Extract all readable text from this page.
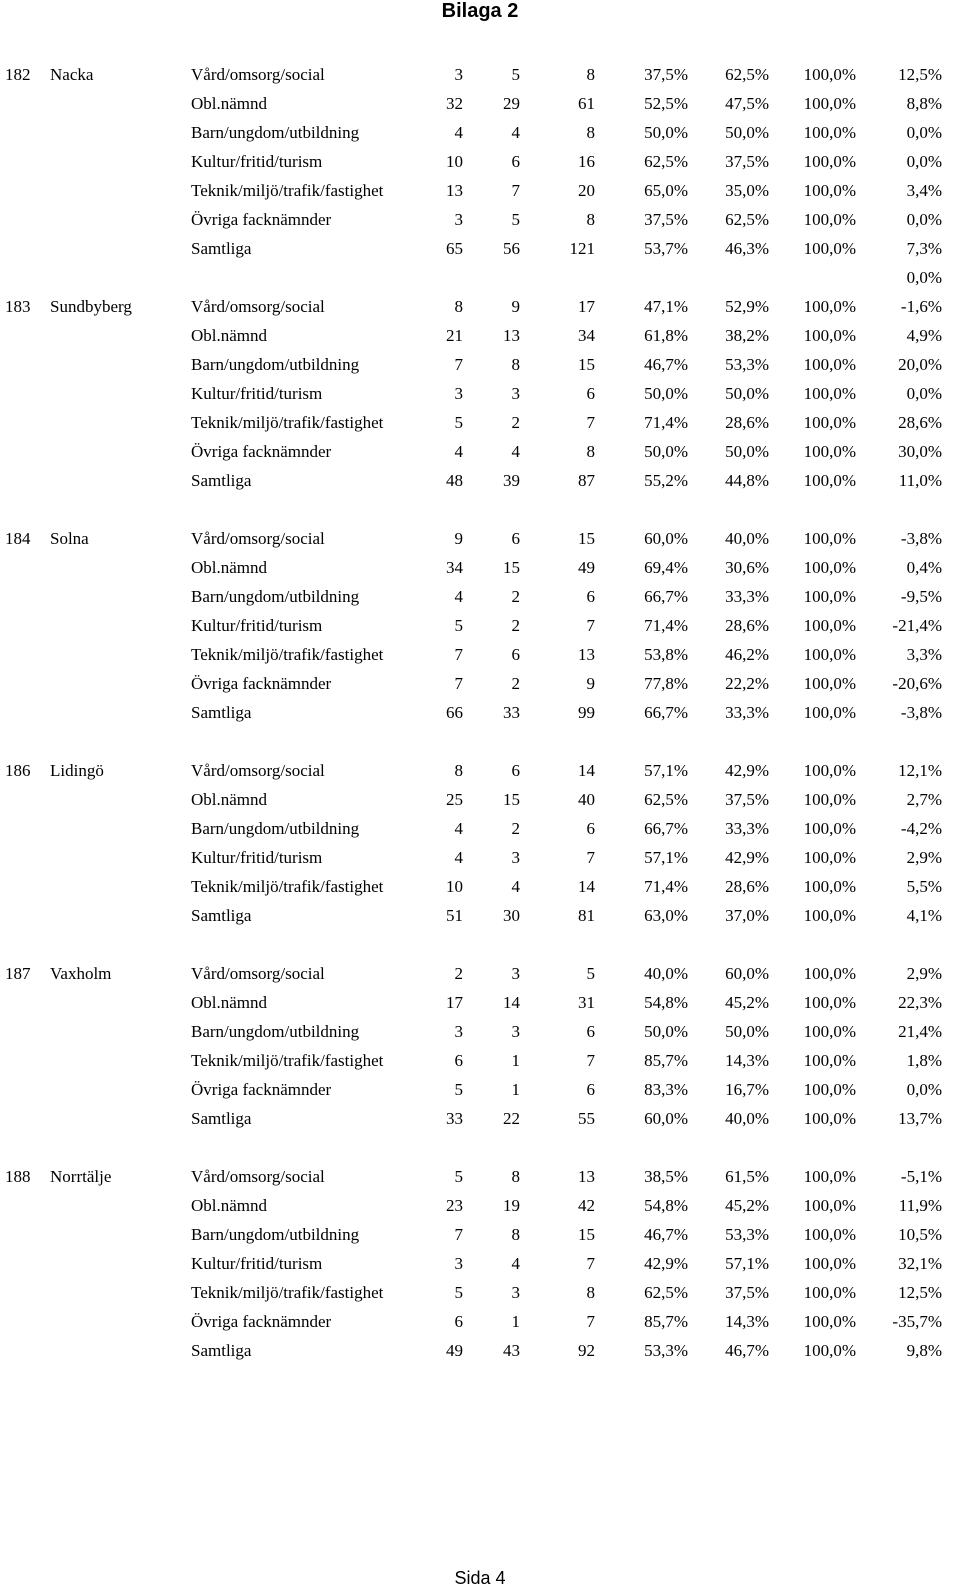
Bilaga 2
182 Nacka	Vård/omsorg/social	3	5	8	37,5% 62,5% 100,0% 12,5%
Obl.nämnd	32 29	61	52,5% 47,5% 100,0%	8,8%
Barn/ungdom/utbildning	4	4	8	50,0% 50,0% 100,0%	0,0%
Kultur/fritid/turism	10	6	16	62,5% 37,5% 100,0%	0,0%
Teknik/miljö/trafik/fastighet	13	7	20	65,0% 35,0% 100,0%	3,4%
Övriga facknämnder	3	5	8	37,5% 62,5% 100,0%	0,0%
Samtliga	65 56	121	53,7% 46,3% 100,0%	7,3%
0,0%
183 Sundbyberg	Vård/omsorg/social	8	9	17	47,1% 52,9% 100,0%	-1,6%
Obl.nämnd	21 13	34	61,8% 38,2% 100,0%	4,9%
Barn/ungdom/utbildning	7	8	15	46,7% 53,3% 100,0% 20,0%
Kultur/fritid/turism	3	3	6	50,0% 50,0% 100,0%	0,0%
Teknik/miljö/trafik/fastighet	5	2	7	71,4% 28,6% 100,0% 28,6%
Övriga facknämnder	4	4	8	50,0% 50,0% 100,0% 30,0%
Samtliga	48 39	87	55,2% 44,8% 100,0%	11,0%
184 Solna	Vård/omsorg/social	9	6	15	60,0% 40,0% 100,0%	-3,8%
Obl.nämnd	34 15	49	69,4% 30,6% 100,0%	0,4%
Barn/ungdom/utbildning	4	2	6	66,7% 33,3% 100,0%	-9,5%
Kultur/fritid/turism	5	2	7	71,4% 28,6% 100,0% -21,4%
Teknik/miljö/trafik/fastighet	7	6	13	53,8% 46,2% 100,0%	3,3%
Övriga facknämnder	7	2	9	77,8% 22,2% 100,0% -20,6%
Samtliga	66 33	99	66,7% 33,3% 100,0%	-3,8%
186 Lidingö	Vård/omsorg/social	8	6	14	57,1% 42,9% 100,0% 12,1%
Obl.nämnd	25 15	40	62,5% 37,5% 100,0%	2,7%
Barn/ungdom/utbildning	4	2	6	66,7% 33,3% 100,0%	-4,2%
Kultur/fritid/turism	4	3	7	57,1% 42,9% 100,0%	2,9%
Teknik/miljö/trafik/fastighet	10	4	14	71,4% 28,6% 100,0%	5,5%
Samtliga	51 30	81	63,0% 37,0% 100,0%	4,1%
187 Vaxholm	Vård/omsorg/social	2	3	5	40,0% 60,0% 100,0%	2,9%
Obl.nämnd	17 14	31	54,8% 45,2% 100,0% 22,3%
Barn/ungdom/utbildning	3	3	6	50,0% 50,0% 100,0% 21,4%
Teknik/miljö/trafik/fastighet	6	1	7	85,7% 14,3% 100,0%	1,8%
Övriga facknämnder	5	1	6	83,3% 16,7% 100,0%	0,0%
Samtliga	33 22	55	60,0% 40,0% 100,0% 13,7%
188 Norrtälje	Vård/omsorg/social	5	8	13	38,5% 61,5% 100,0%	-5,1%
Obl.nämnd	23 19	42	54,8% 45,2% 100,0%	11,9%
Barn/ungdom/utbildning	7	8	15	46,7% 53,3% 100,0% 10,5%
Kultur/fritid/turism	3	4	7	42,9% 57,1% 100,0% 32,1%
Teknik/miljö/trafik/fastighet	5	3	8	62,5% 37,5% 100,0% 12,5%
Övriga facknämnder	6	1	7	85,7% 14,3% 100,0% -35,7%
Samtliga	49 43	92	53,3% 46,7% 100,0%	9,8%
Sida 4
